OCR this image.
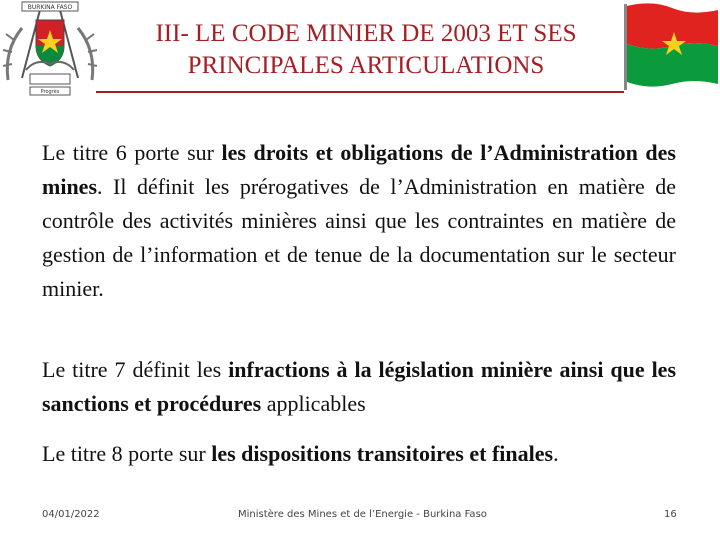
BURKINA FASO
Progrès
III- LE CODE MINIER DE 2003 ET SES
PRINCIPALES ARTICULATIONS
Le titre 6 porte sur les droits et obligations de l’Administration des mines. Il définit les prérogatives de l’Administration en matière de contrôle des activités minières ainsi que les contraintes en matière de gestion de l’information et de tenue de la documentation sur le secteur minier.
Le titre 7 définit les infractions à la législation minière ainsi que les sanctions et procédures applicables
Le titre 8 porte sur les dispositions transitoires et finales.
04/01/2022	Ministère des Mines et de l’Energie - Burkina Faso	16
